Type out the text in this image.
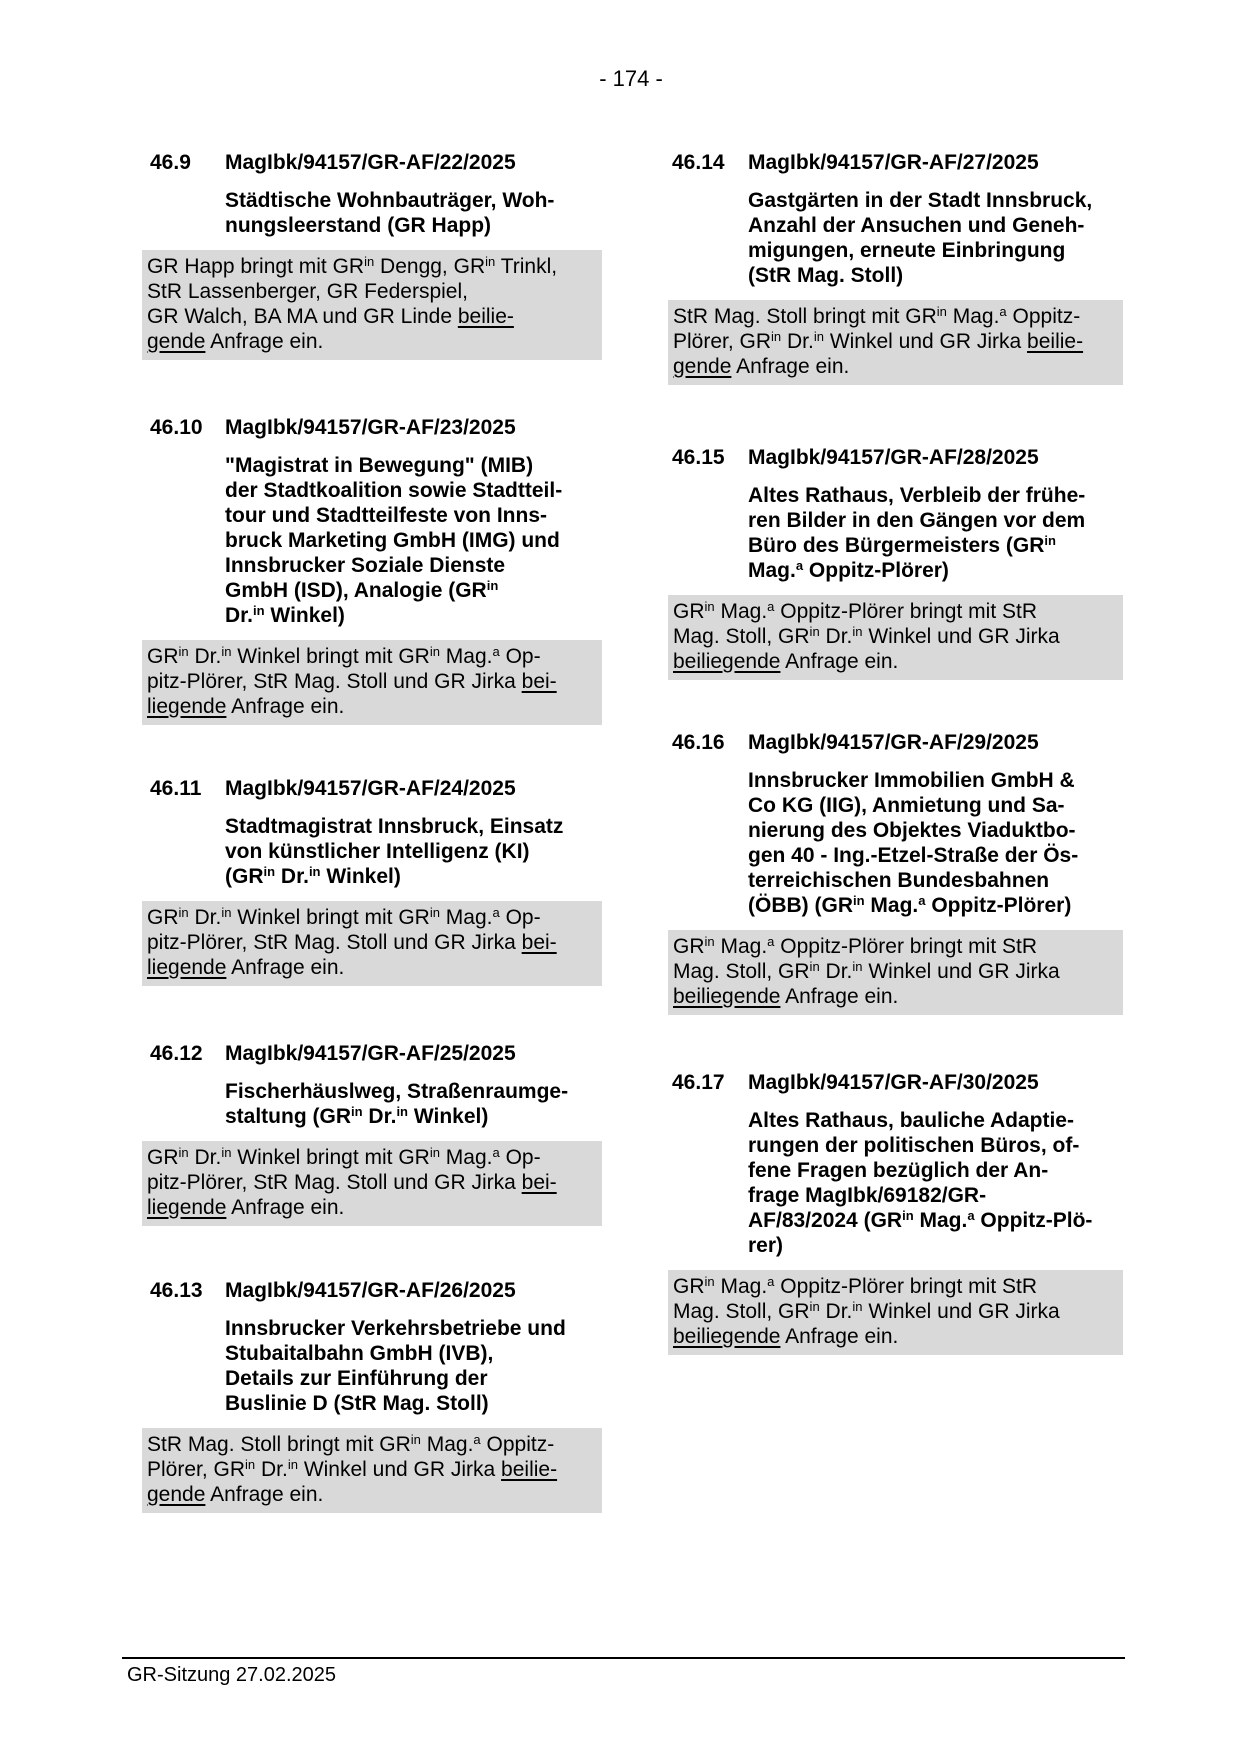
- 174 -
46.9	MagIbk/94157/GR-AF/22/2025
Städtische Wohnbauträger, Woh-
nungsleerstand (GR Happ)
GR Happ bringt mit $GR^{in}$ Dengg, $GR^{in}$ Trinkl,
StR Lassenberger, GR Federspiel,
GR Walch, BA MA und GR Linde beilie-
gende Anfrage ein.
46.10	MagIbk/94157/GR-AF/23/2025
"Magistrat in Bewegung" (MIB)
der Stadtkoalition sowie Stadtteil-
tour und Stadtteilfeste von Inns-
bruck Marketing GmbH (IMG) und
Innsbrucker Soziale Dienste
GmbH (ISD), Analogie ($GR^{in}$
Dr.$^{in}$ Winkel)
$GR^{in}$ Dr.$^{in}$ Winkel bringt mit $GR^{in}$ Mag.$^a$ Op-
pitz-Plörer, StR Mag. Stoll und GR Jirka bei-
liegende Anfrage ein.
46.11	MagIbk/94157/GR-AF/24/2025
Stadtmagistrat Innsbruck, Einsatz
von künstlicher Intelligenz (KI)
($GR^{in}$ Dr.$^{in}$ Winkel)
$GR^{in}$ Dr.$^{in}$ Winkel bringt mit $GR^{in}$ Mag.$^a$ Op-
pitz-Plörer, StR Mag. Stoll und GR Jirka bei-
liegende Anfrage ein.
46.12	MagIbk/94157/GR-AF/25/2025
Fischerhäuslweg, Straßenraumge-
staltung ($GR^{in}$ Dr.$^{in}$ Winkel)
$GR^{in}$ Dr.$^{in}$ Winkel bringt mit $GR^{in}$ Mag.$^a$ Op-
pitz-Plörer, StR Mag. Stoll und GR Jirka bei-
liegende Anfrage ein.
46.13	MagIbk/94157/GR-AF/26/2025
Innsbrucker Verkehrsbetriebe und
Stubaitalbahn GmbH (IVB),
Details zur Einführung der
Buslinie D (StR Mag. Stoll)
StR Mag. Stoll bringt mit $GR^{in}$ Mag.$^a$ Oppitz-
Plörer, $GR^{in}$ Dr.$^{in}$ Winkel und GR Jirka beilie-
gende Anfrage ein.
46.14	MagIbk/94157/GR-AF/27/2025
Gastgärten in der Stadt Innsbruck,
Anzahl der Ansuchen und Geneh-
migungen, erneute Einbringung
(StR Mag. Stoll)
StR Mag. Stoll bringt mit $GR^{in}$ Mag.$^a$ Oppitz-
Plörer, $GR^{in}$ Dr.$^{in}$ Winkel und GR Jirka beilie-
gende Anfrage ein.
46.15	MagIbk/94157/GR-AF/28/2025
Altes Rathaus, Verbleib der frühe-
ren Bilder in den Gängen vor dem
Büro des Bürgermeisters ($GR^{in}$
Mag.$^a$ Oppitz-Plörer)
$GR^{in}$ Mag.$^a$ Oppitz-Plörer bringt mit StR
Mag. Stoll, $GR^{in}$ Dr.$^{in}$ Winkel und GR Jirka
beiliegende Anfrage ein.
46.16	MagIbk/94157/GR-AF/29/2025
Innsbrucker Immobilien GmbH &
Co KG (IIG), Anmietung und Sa-
nierung des Objektes Viaduktbo-
gen 40 - Ing.-Etzel-Straße der Ös-
terreichischen Bundesbahnen
(ÖBB) ($GR^{in}$ Mag.$^a$ Oppitz-Plörer)
$GR^{in}$ Mag.$^a$ Oppitz-Plörer bringt mit StR
Mag. Stoll, $GR^{in}$ Dr.$^{in}$ Winkel und GR Jirka
beiliegende Anfrage ein.
46.17	MagIbk/94157/GR-AF/30/2025
Altes Rathaus, bauliche Adaptie-
rungen der politischen Büros, of-
fene Fragen bezüglich der An-
frage MagIbk/69182/GR-
AF/83/2024 ($GR^{in}$ Mag.$^a$ Oppitz-Plö-
rer)
$GR^{in}$ Mag.$^a$ Oppitz-Plörer bringt mit StR
Mag. Stoll, $GR^{in}$ Dr.$^{in}$ Winkel und GR Jirka
beiliegende Anfrage ein.
GR-Sitzung 27.02.2025
